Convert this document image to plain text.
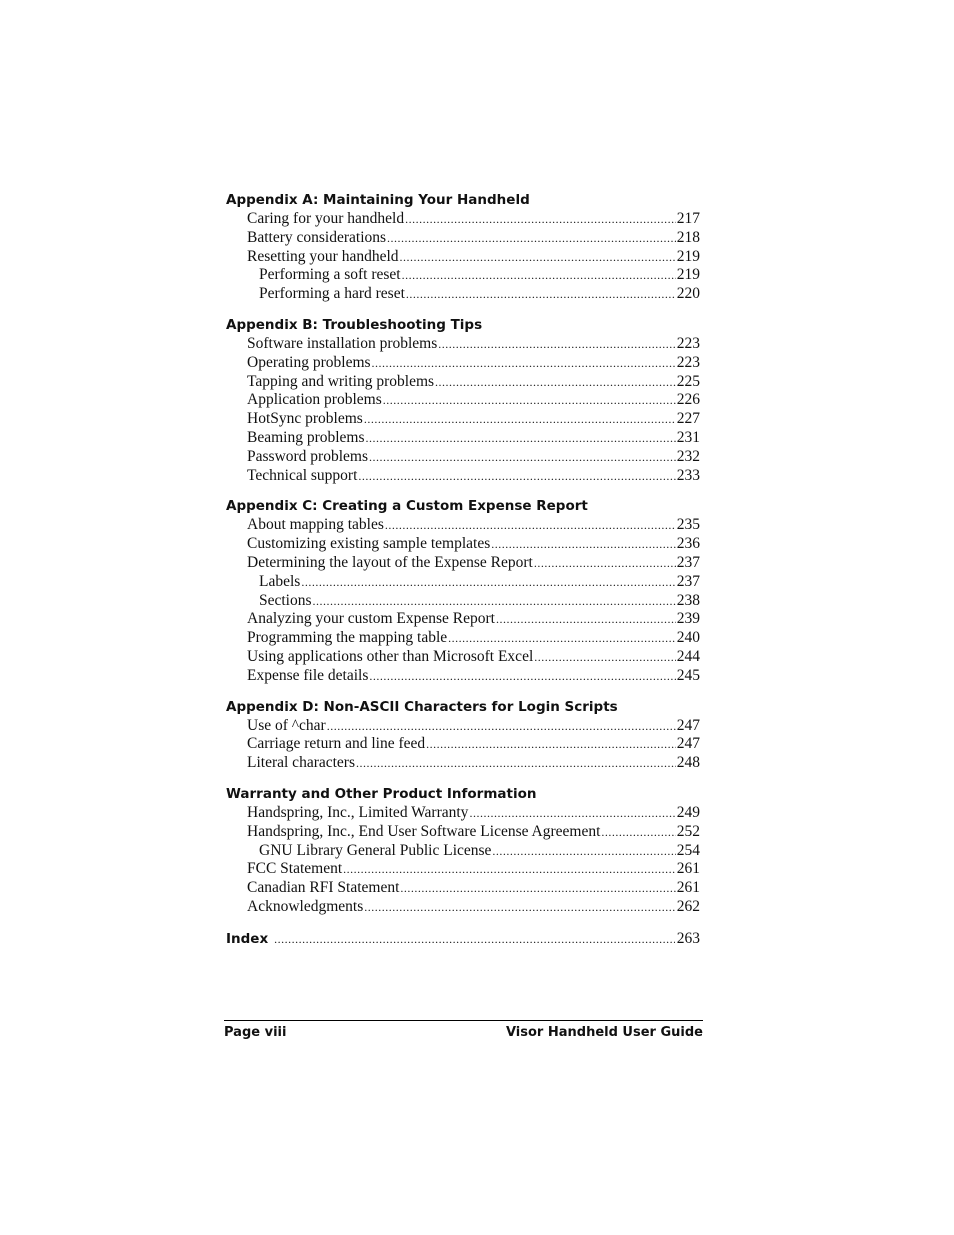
Appendix A: Maintaining Your Handheld
Caring for your handheld .....	217
Battery considerations .....	218
Resetting your handheld .....	219
Performing a soft reset .....	219
Performing a hard reset .....	220
Appendix B: Troubleshooting Tips
Software installation problems .....	223
Operating problems .....	223
Tapping and writing problems .....	225
Application problems .....	226
HotSync problems .....	227
Beaming problems .....	231
Password problems .....	232
Technical support .....	233
Appendix C: Creating a Custom Expense Report
About mapping tables .....	235
Customizing existing sample templates .....	236
Determining the layout of the Expense Report .....	237
Labels .....	237
Sections .....	238
Analyzing your custom Expense Report .....	239
Programming the mapping table .....	240
Using applications other than Microsoft Excel .....	244
Expense file details .....	245
Appendix D: Non-ASCII Characters for Login Scripts
Use of ^char .....	247
Carriage return and line feed .....	247
Literal characters .....	248
Warranty and Other Product Information
Handspring, Inc., Limited Warranty .....	249
Handspring, Inc., End User Software License Agreement .....	252
GNU Library General Public License .....	254
FCC Statement .....	261
Canadian RFI Statement .....	261
Acknowledgments .....	262
Index .....	263
Page viii	Visor Handheld User Guide
